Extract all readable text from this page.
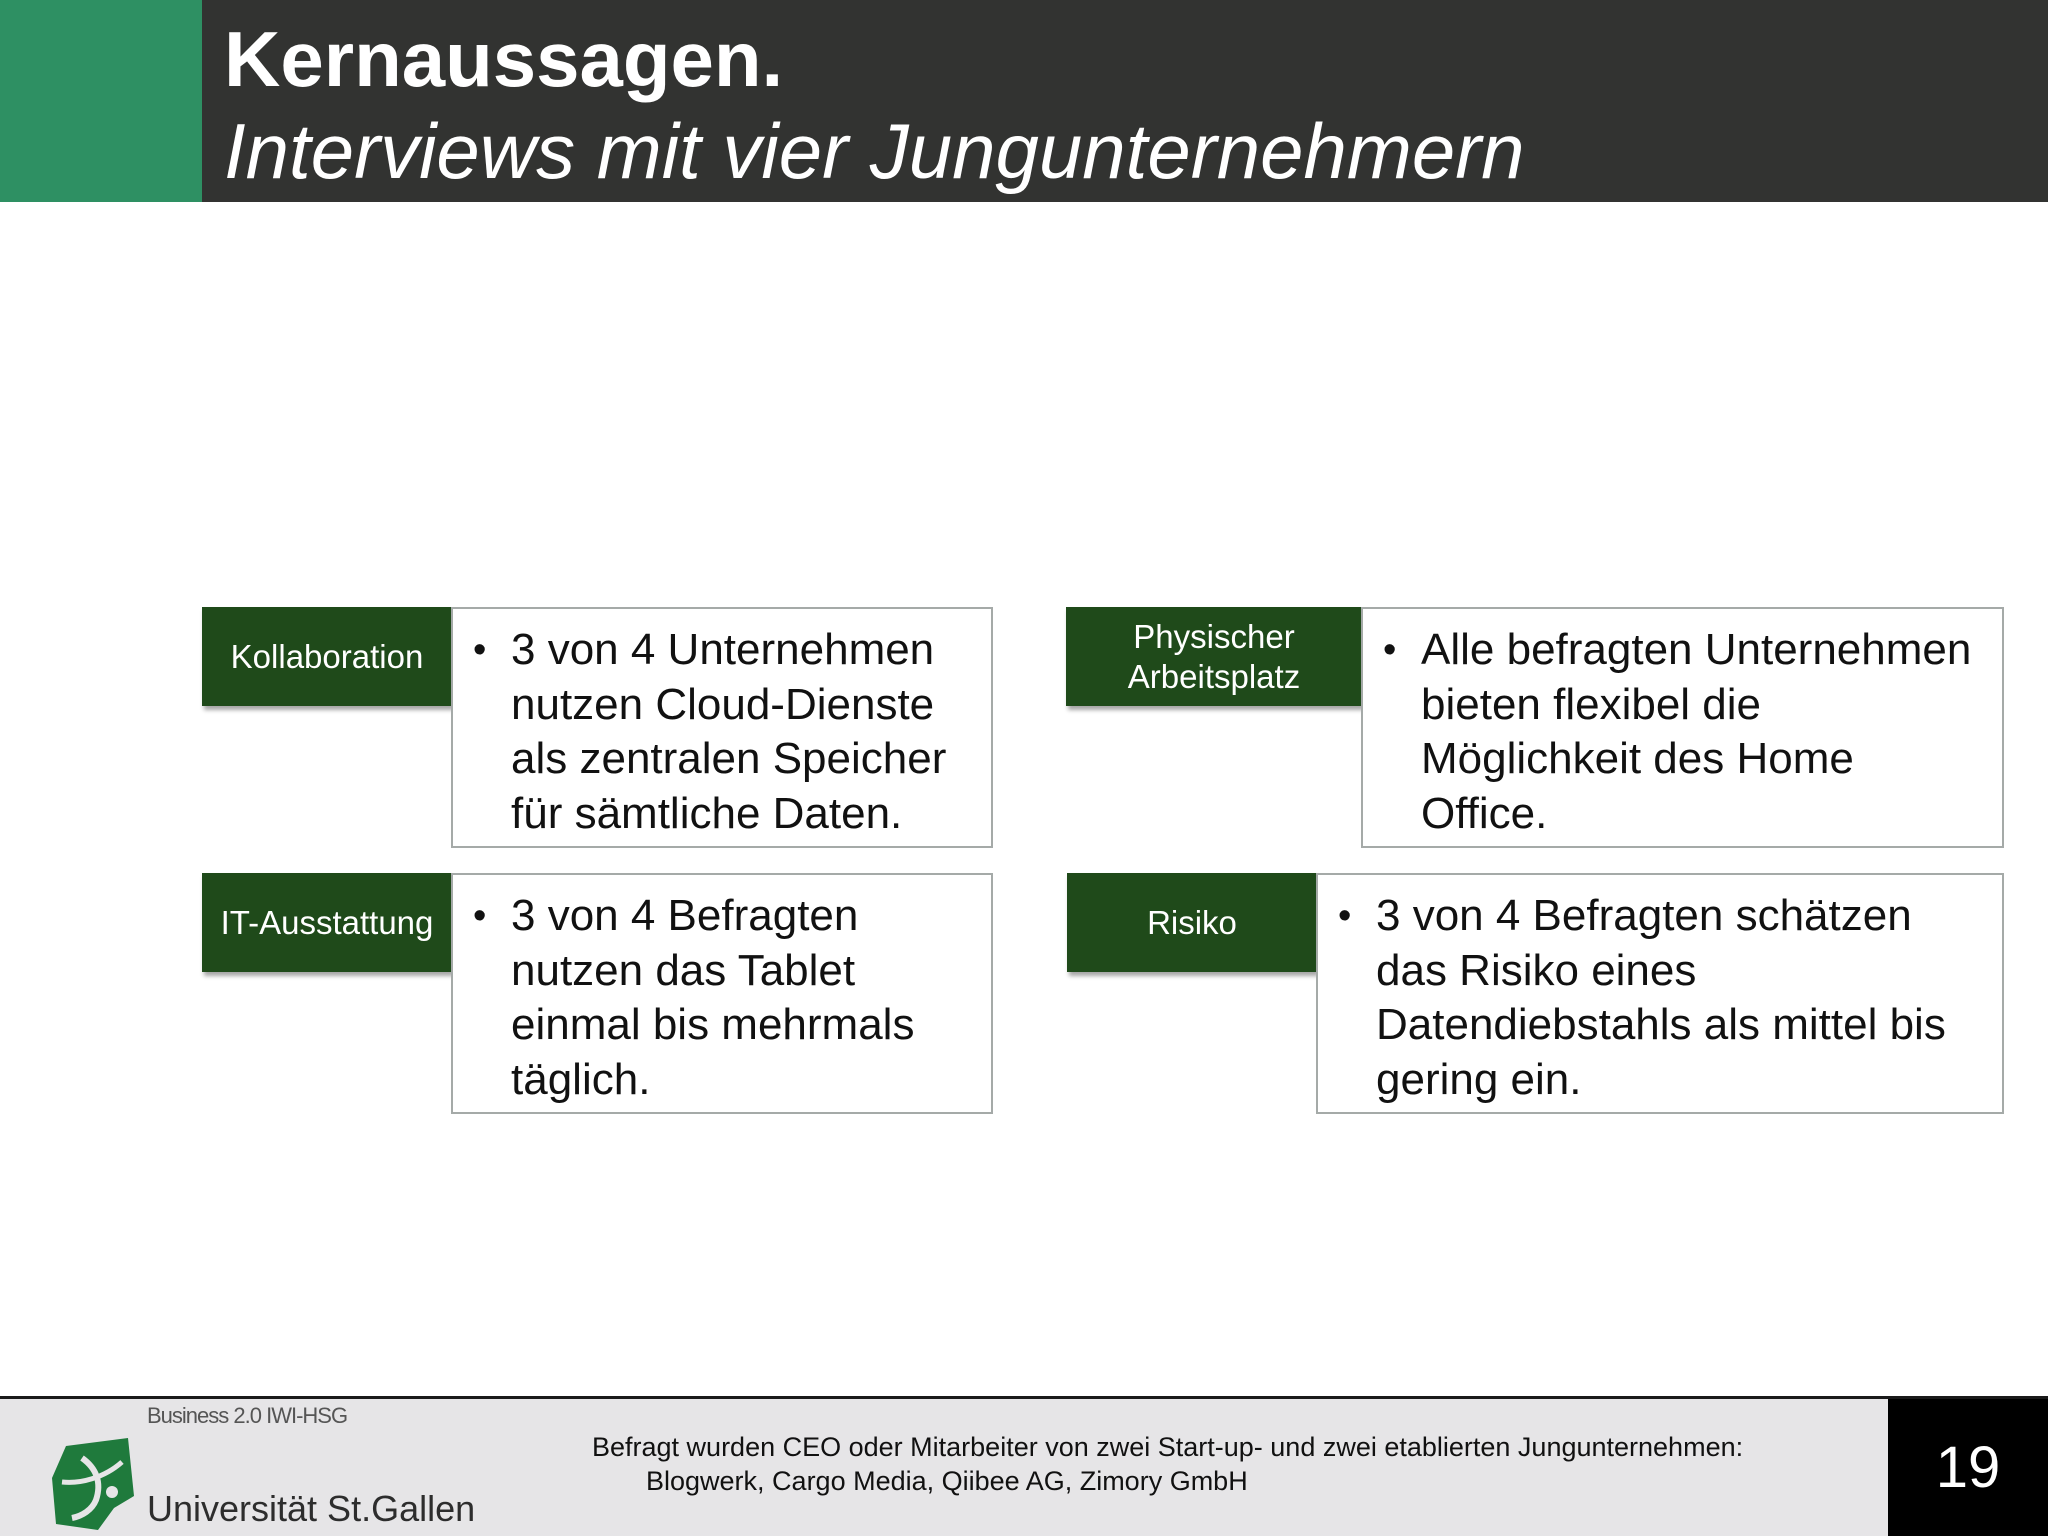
Kernaussagen.
Interviews mit vier Jungunternehmern
Kollaboration	• 3 von 4 Unternehmen nutzen Cloud-Dienste als zentralen Speicher für sämtliche Daten.
Physischer Arbeitsplatz
• Alle befragten Unternehmen bieten flexibel die Möglichkeit des Home Office.
IT-Ausstattung	• 3 von 4 Befragten nutzen das Tablet einmal bis mehrmals täglich.
Risiko	• 3 von 4 Befragten schätzen das Risiko eines Datendiebstahls als mittel bis gering ein.
Business 2.0 IWI-HSG
Universität St.Gallen
Befragt wurden CEO oder Mitarbeiter von zwei Start-up- und zwei etablierten Jungunternehmen:
Blogwerk, Cargo Media, Qiibee AG, Zimory GmbH	19
